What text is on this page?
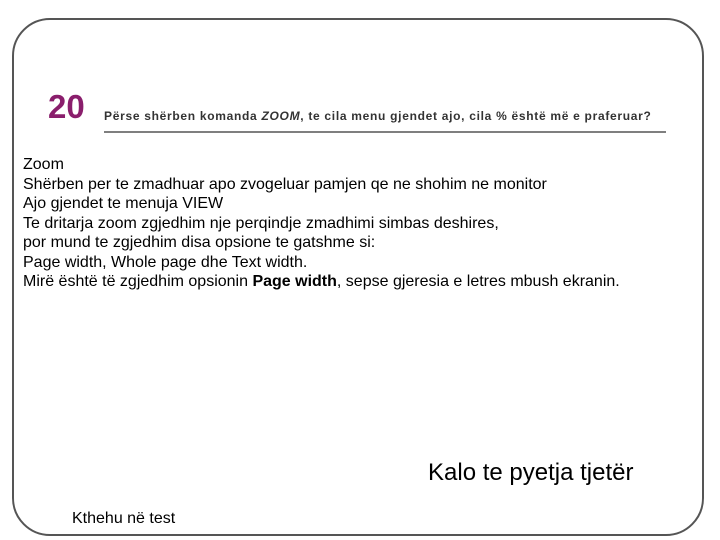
20 Përse shërben komanda ZOOM, te cila menu gjendet ajo, cila % është më e praferuar?
Zoom
Shërben per te zmadhuar apo zvogeluar pamjen qe ne shohim ne monitor
Ajo gjendet te menuja VIEW
Te dritarja zoom zgjedhim nje perqindje zmadhimi simbas deshires,
por mund te zgjedhim disa opsione te gatshme si:
Page width, Whole page dhe Text width.
Mirë është të zgjedhim opsionin Page width, sepse gjeresia e letres mbush ekranin.
Kalo te pyetja tjetër
Kthehu në test
